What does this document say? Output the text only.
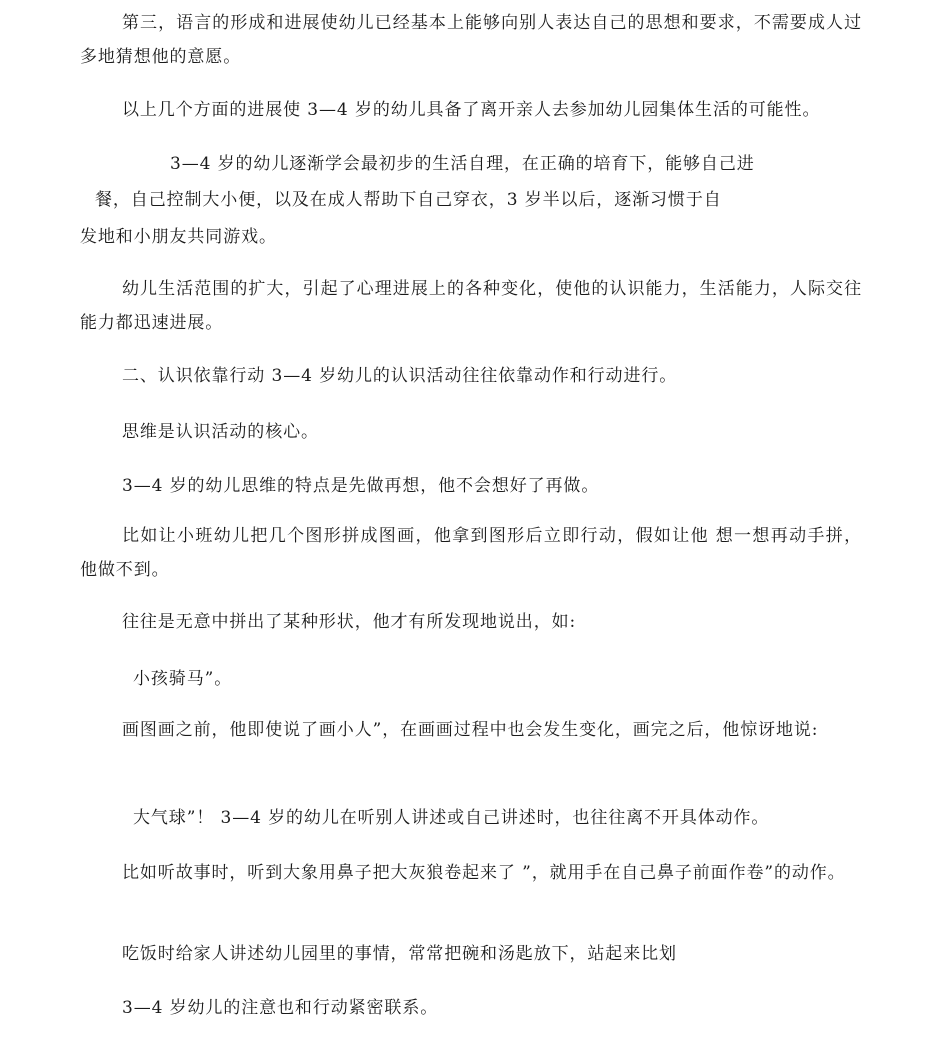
第三，语言的形成和进展使幼儿已经基本上能够向别人表达自己的思想和要求，不需要成人过多地猜想他的意愿。

以上几个方面的进展使 3—4 岁的幼儿具备了离开亲人去参加幼儿园集体生活的可能性。

3—4 岁的幼儿逐渐学会最初步的生活自理，在正确的培育下，能够自己进

餐，自己控制大小便，以及在成人帮助下自己穿衣，3 岁半以后，逐渐习惯于自

发地和小朋友共同游戏。

幼儿生活范围的扩大，引起了心理进展上的各种变化，使他的认识能力，生活能力，人际交往能力都迅速进展。

二、认识依靠行动 3—4 岁幼儿的认识活动往往依靠动作和行动进行。

思维是认识活动的核心。

3—4 岁的幼儿思维的特点是先做再想，他不会想好了再做。

比如让小班幼儿把几个图形拼成图画，他拿到图形后立即行动，假如让他 想一想再动手拼，他做不到。

往往是无意中拼出了某种形状，他才有所发现地说出，如:

小孩骑马”。

画图画之前，他即使说了画小人”，在画画过程中也会发生变化，画完之后，他惊讶地说:

大气球”！ 3—4 岁的幼儿在听别人讲述或自己讲述时，也往往离不开具体动作。

比如听故事时，听到大象用鼻子把大灰狼卷起来了 ”，就用手在自己鼻子前面作卷”的动作。

吃饭时给家人讲述幼儿园里的事情，常常把碗和汤匙放下，站起来比划

3—4 岁幼儿的注意也和行动紧密联系。
